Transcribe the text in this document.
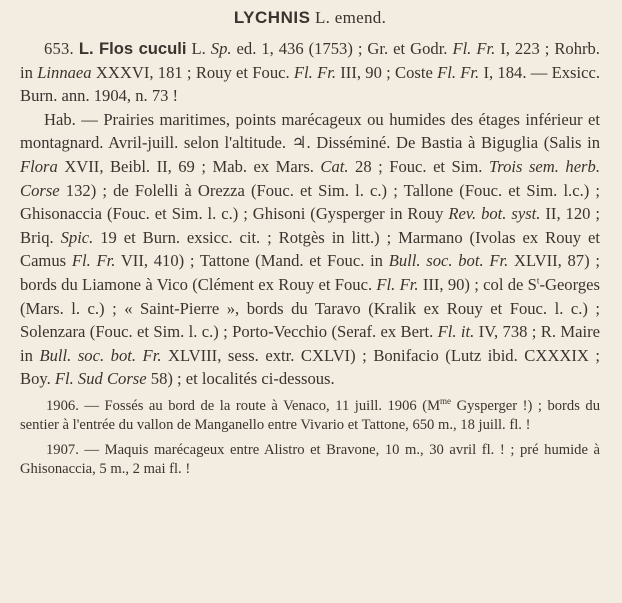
LYCHNIS L. emend.

653. L. Flos cuculi L. Sp. ed. 1, 436 (1753) ; Gr. et Godr. Fl. Fr. I, 223 ; Rohrb. in Linnaea XXXVI, 181 ; Rouy et Fouc. Fl. Fr. III, 90 ; Coste Fl. Fr. I, 184. — Exsicc. Burn. ann. 1904, n. 73 !

Hab. — Prairies maritimes, points marécageux ou humides des étages inférieur et montagnard. Avril-juill. selon l'altitude. ♃. Disséminé. De Bastia à Biguglia (Salis in Flora XVII, Beibl. II, 69 ; Mab. ex Mars. Cat. 28 ; Fouc. et Sim. Trois sem. herb. Corse 132) ; de Folelli à Orezza (Fouc. et Sim. l. c.) ; Tallone (Fouc. et Sim. l.c.) ; Ghisonaccia (Fouc. et Sim. l. c.) ; Ghisoni (Gysperger in Rouy Rev. bot. syst. II, 120 ; Briq. Spic. 19 et Burn. exsicc. cit. ; Rotgès in litt.) ; Marmano (Ivolas ex Rouy et Camus Fl. Fr. VII, 410) ; Tattone (Mand. et Fouc. in Bull. soc. bot. Fr. XLVII, 87) ; bords du Liamone à Vico (Clément ex Rouy et Fouc. Fl. Fr. III, 90) ; col de $S^t$-Georges (Mars. l. c.) ; « Saint-Pierre », bords du Taravo (Kralik ex Rouy et Fouc. l. c.) ; Solenzara (Fouc. et Sim. l. c.) ; Porto-Vecchio (Seraf. ex Bert. Fl. it. IV, 738 ; R. Maire in Bull. soc. bot. Fr. XLVIII, sess. extr. CXLVI) ; Bonifacio (Lutz ibid. CXXXIX ; Boy. Fl. Sud Corse 58) ; et localités ci-dessous.

1906. — Fossés au bord de la route à Venaco, 11 juill. 1906 ($M^{me}$ Gysperger !) ; bords du sentier à l'entrée du vallon de Manganello entre Vivario et Tattone, 650 m., 18 juill. fl. !

1907. — Maquis marécageux entre Alistro et Bravone, 10 m., 30 avril fl. ! ; pré humide à Ghisonaccia, 5 m., 2 mai fl. !
